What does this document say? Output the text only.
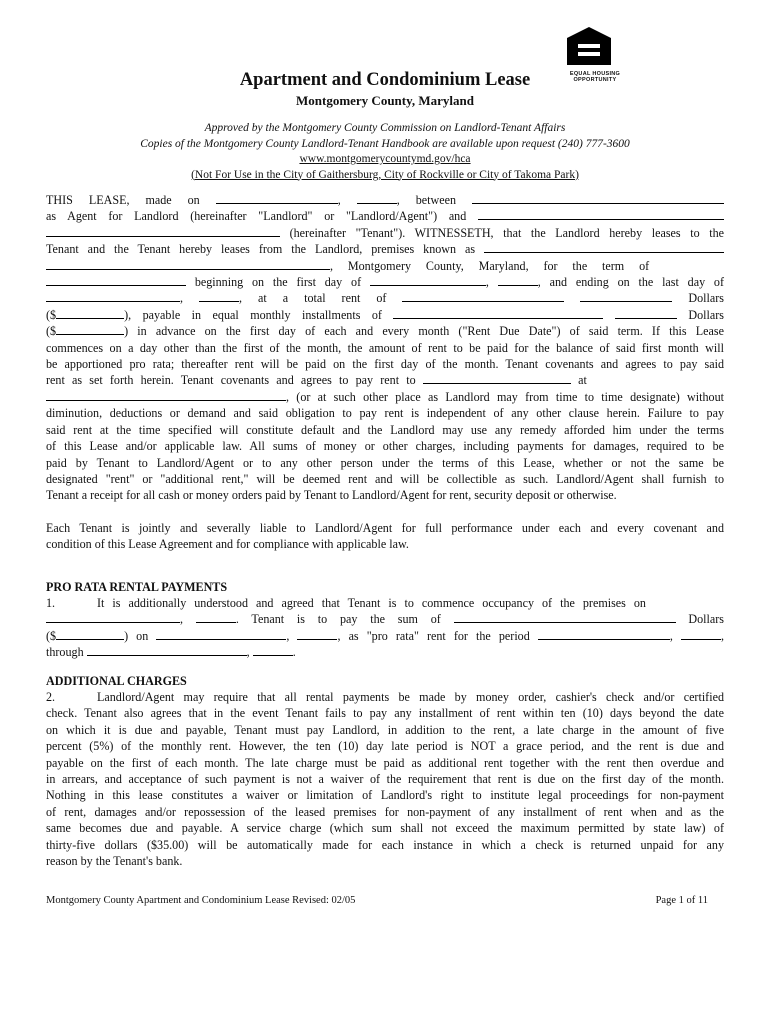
EQUAL HOUSING
OPPORTUNITY
Apartment and Condominium Lease
Montgomery County, Maryland
Approved by the Montgomery County Commission on Landlord-Tenant Affairs
Copies of the Montgomery County Landlord-Tenant Handbook are available upon request (240) 777-3600
www.montgomerycountymd.gov/hca
(Not For Use in the City of Gaithersburg, City of Rockville or City of Takoma Park)

THIS LEASE, made on	,	, between

as Agent for Landlord (hereinafter "Landlord" or "Landlord/Agent") and

(hereinafter "Tenant"). WITNESSETH, that the Landlord hereby leases to the

Tenant and the Tenant hereby leases from the Landlord, premises known as

, Montgomery County, Maryland, for the term of

beginning on the first day of	,	, and ending on the last day of

,	, at a total rent of	Dollars

($	), payable in equal monthly installments of	Dollars

($	) in advance on the first day of each and every month ("Rent Due Date") of said term. If this Lease

commences on a day other than the first of the month, the amount of rent to be paid for the balance of said first month will

be apportioned pro rata; thereafter rent will be paid on the first day of the month. Tenant covenants and agrees to pay said

rent as set forth herein. Tenant covenants and agrees to pay rent to	at

, (or at such other place as Landlord may from time to time designate) without

diminution, deductions or demand and said obligation to pay rent is independent of any other clause herein. Failure to pay

said rent at the time specified will constitute default and the Landlord may use any remedy afforded him under the terms

of this Lease and/or applicable law. All sums of money or other charges, including payments for damages, required to be

paid by Tenant to Landlord/Agent or to any other person under the terms of this Lease, whether or not the same be

designated "rent" or "additional rent," will be deemed rent and will be collectible as such. Landlord/Agent shall furnish to

Tenant a receipt for all cash or money orders paid by Tenant to Landlord/Agent for rent, security deposit or otherwise.

Each Tenant is jointly and severally liable to Landlord/Agent for full performance under each and every covenant and

condition of this Lease Agreement and for compliance with applicable law.

PRO RATA RENTAL PAYMENTS

1.	It is additionally understood and agreed that Tenant is to commence occupancy of the premises on

,	. Tenant is to pay the sum of	Dollars

($	) on	,	, as "pro rata" rent for the period	,	,

through	,	.

ADDITIONAL CHARGES

2.	Landlord/Agent may require that all rental payments be made by money order, cashier's check and/or certified

check. Tenant also agrees that in the event Tenant fails to pay any installment of rent within ten (10) days beyond the date

on which it is due and payable, Tenant must pay Landlord, in addition to the rent, a late charge in the amount of five

percent (5%) of the monthly rent. However, the ten (10) day late period is NOT a grace period, and the rent is due and

payable on the first of each month. The late charge must be paid as additional rent together with the rent then overdue and

in arrears, and acceptance of such payment is not a waiver of the requirement that rent is due on the first day of the month.

Nothing in this lease constitutes a waiver or limitation of Landlord's right to institute legal proceedings for non-payment

of rent, damages and/or repossession of the leased premises for non-payment of any installment of rent when and as the

same becomes due and payable. A service charge (which sum shall not exceed the maximum permitted by state law) of

thirty-five dollars ($35.00) will be automatically made for each instance in which a check is returned unpaid for any

reason by the Tenant's bank.

Montgomery County Apartment and Condominium Lease Revised: 02/05	Page 1 of 11
